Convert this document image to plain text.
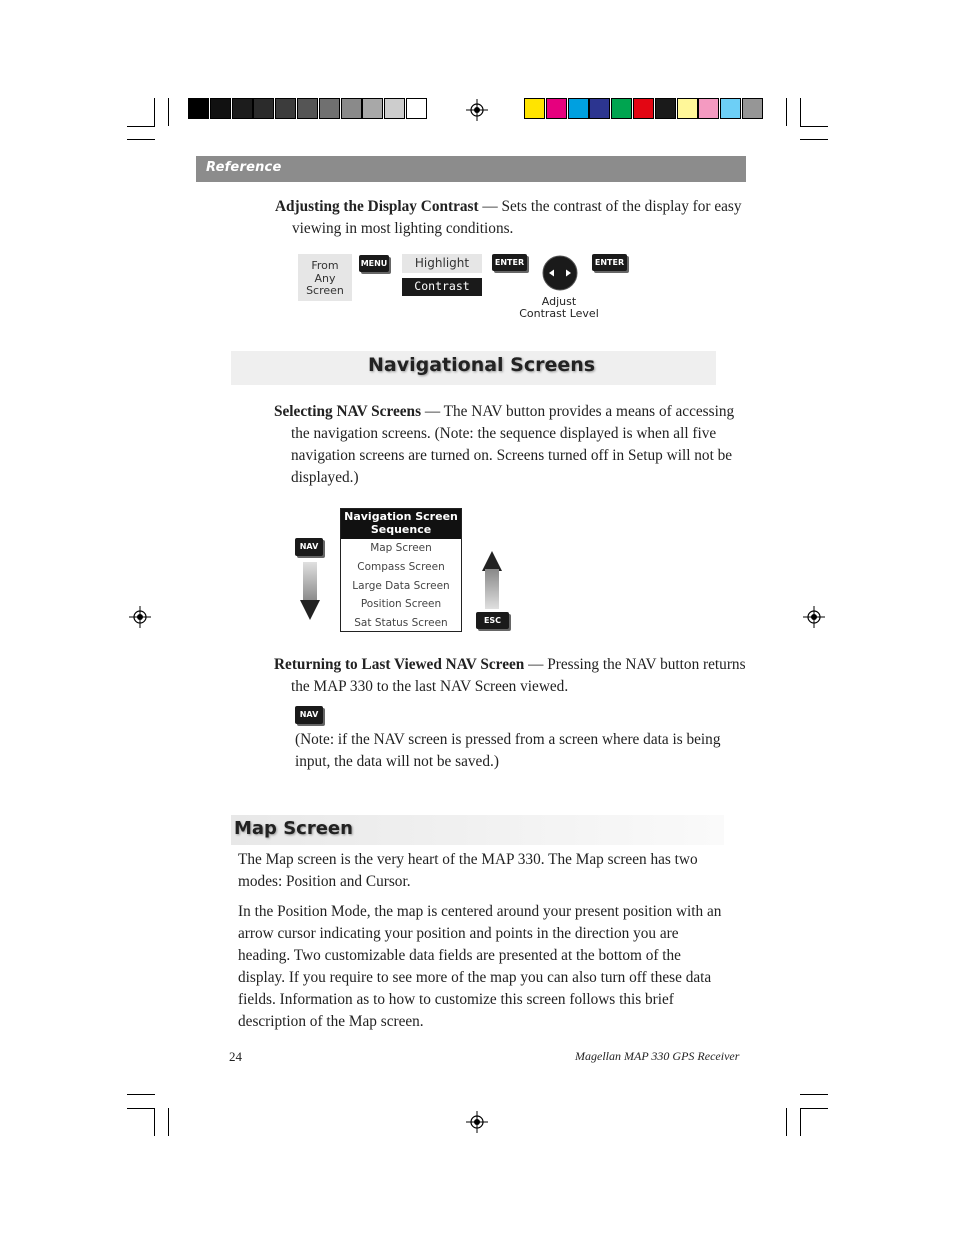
Reference
Adjusting the Display Contrast — Sets the contrast of the display for easy viewing in most lighting conditions.
From
Any
Screen
MENU	Highlight
Contrast
ENTER
Adjust
Contrast Level
ENTER
Navigational Screens
Selecting NAV Screens — The NAV button provides a means of accessing the navigation screens. (Note: the sequence displayed is when all five navigation screens are turned on. Screens turned off in Setup will not be displayed.)
NAV
Navigation Screen
Sequence
Map Screen
Compass Screen
Large Data Screen
Position Screen
Sat Status Screen	ESC
Returning to Last Viewed NAV Screen — Pressing the NAV button returns the MAP 330 to the last NAV Screen viewed.
NAV
(Note: if the NAV screen is pressed from a screen where data is being input, the data will not be saved.)
Map Screen
The Map screen is the very heart of the MAP 330. The Map screen has two modes: Position and Cursor.
In the Position Mode, the map is centered around your present position with an arrow cursor indicating your position and points in the direction you are heading. Two customizable data fields are presented at the bottom of the display. If you require to see more of the map you can also turn off these data fields. Information as to how to customize this screen follows this brief description of the Map screen.
24	Magellan MAP 330 GPS Receiver
